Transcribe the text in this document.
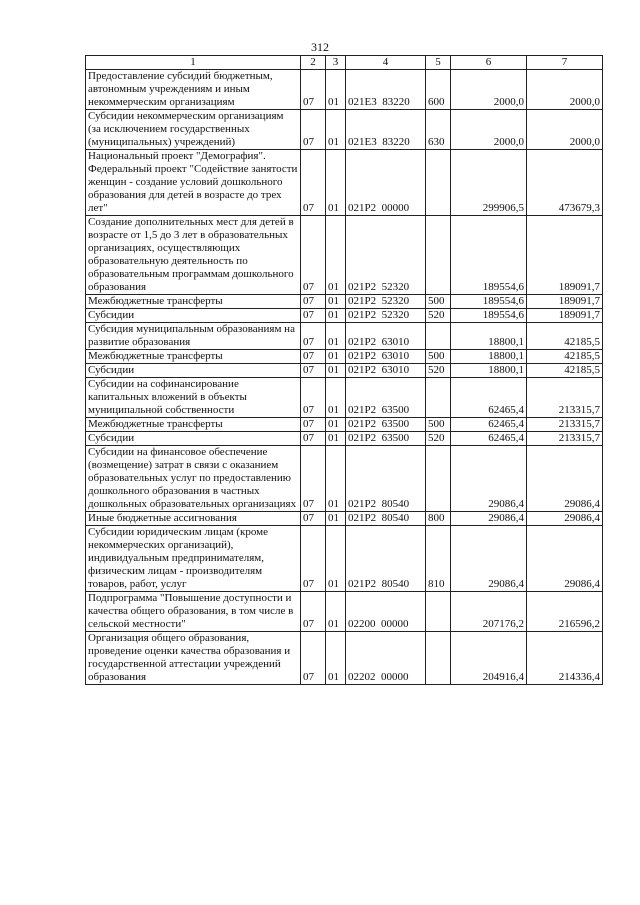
312
1	2	3	4	5	6	7
Предоставление субсидий бюджетным, автономным учреждениям и иным некоммерческим организациям	07	01	021E3  83220	600	2000,0	2000,0
Субсидии некоммерческим организациям (за исключением государственных (муниципальных) учреждений)	07	01	021E3  83220	630	2000,0	2000,0
Национальный проект "Демография". Федеральный проект "Содействие занятости женщин - создание условий дошкольного образования для детей в возрасте до трех лет"	07	01	021P2  00000		299906,5	473679,3
Создание дополнительных мест для детей в возрасте от 1,5 до 3 лет в образовательных организациях, осуществляющих образовательную деятельность по образовательным программам дошкольного образования	07	01	021P2  52320		189554,6	189091,7
Межбюджетные трансферты	07	01	021P2  52320	500	189554,6	189091,7
Субсидии	07	01	021P2  52320	520	189554,6	189091,7
Субсидия муниципальным образованиям на развитие образования	07	01	021P2  63010		18800,1	42185,5
Межбюджетные трансферты	07	01	021P2  63010	500	18800,1	42185,5
Субсидии	07	01	021P2  63010	520	18800,1	42185,5
Субсидии на софинансирование капитальных вложений в объекты муниципальной собственности	07	01	021P2  63500		62465,4	213315,7
Межбюджетные трансферты	07	01	021P2  63500	500	62465,4	213315,7
Субсидии	07	01	021P2  63500	520	62465,4	213315,7
Субсидии на финансовое обеспечение (возмещение) затрат в связи с оказанием образовательных услуг по предоставлению дошкольного образования в частных дошкольных образовательных организациях	07	01	021P2  80540		29086,4	29086,4
Иные бюджетные ассигнования	07	01	021P2  80540	800	29086,4	29086,4
Субсидии юридическим лицам (кроме некоммерческих организаций), индивидуальным предпринимателям, физическим лицам - производителям товаров, работ, услуг	07	01	021P2  80540	810	29086,4	29086,4
Подпрограмма "Повышение доступности и качества общего образования, в том числе в сельской местности"	07	01	02200  00000		207176,2	216596,2
Организация общего образования, проведение оценки качества образования и государственной аттестации учреждений образования	07	01	02202  00000		204916,4	214336,4
